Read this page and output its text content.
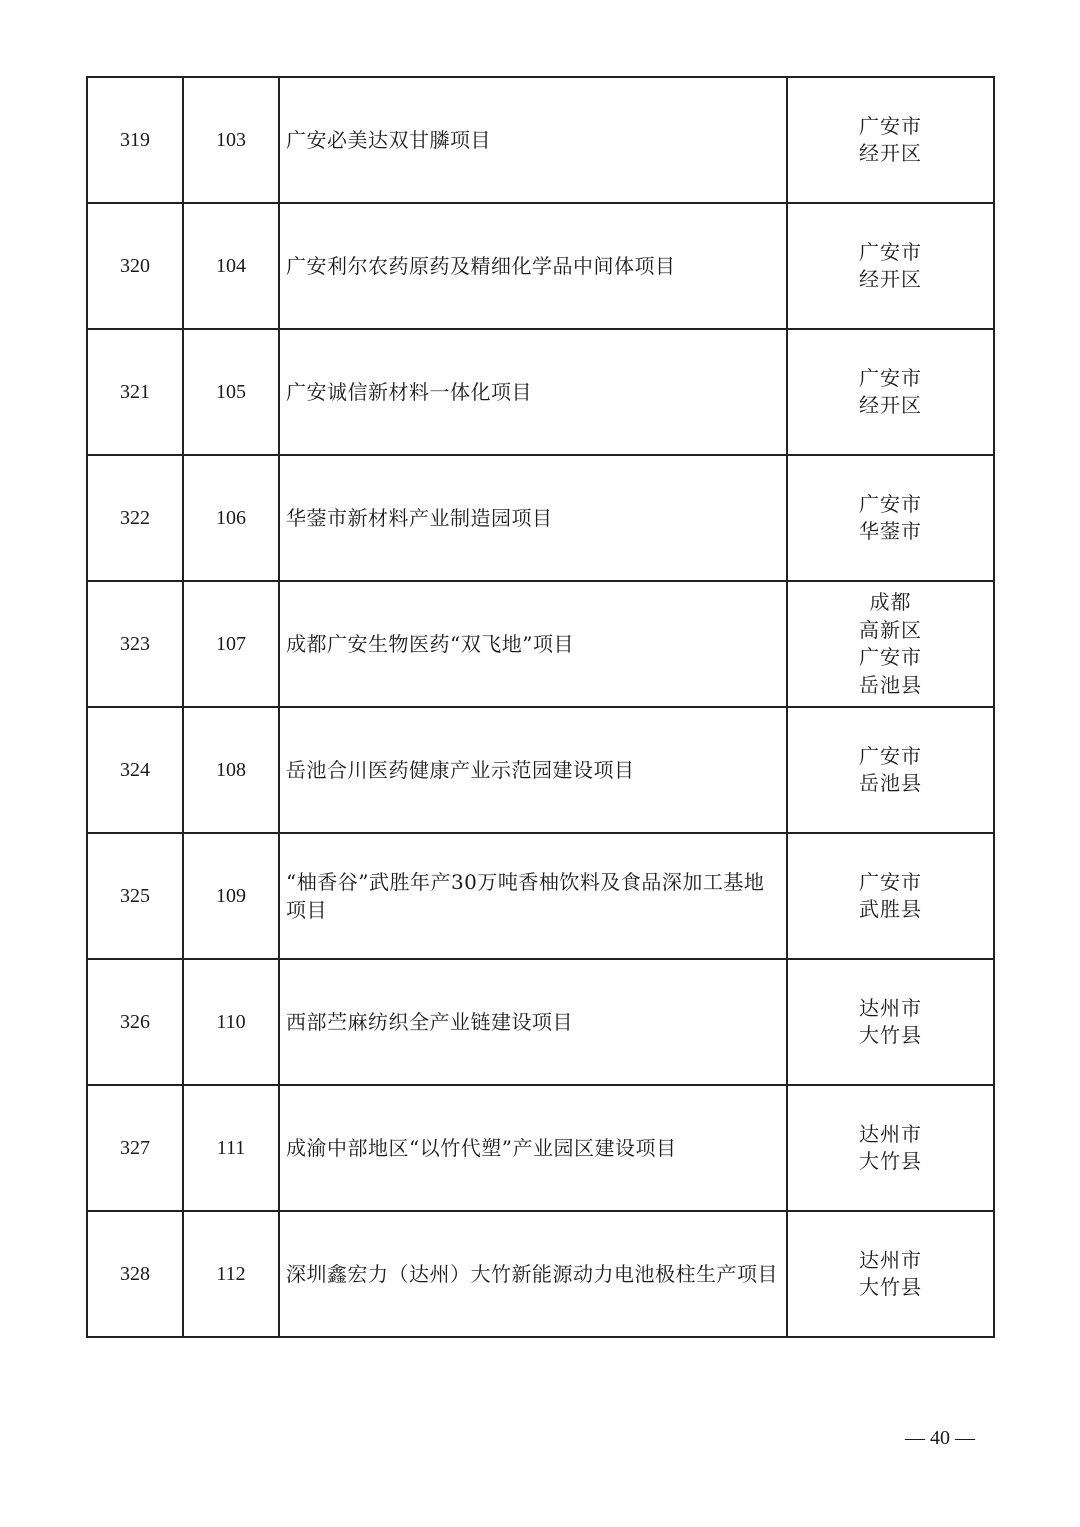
319	103	广安必美达双甘膦项目	广安市
经开区

320	104	广安利尔农药原药及精细化学品中间体项目	广安市
经开区

321	105	广安诚信新材料一体化项目	广安市
经开区

322	106	华蓥市新材料产业制造园项目	广安市
华蓥市

323	107	成都广安生物医药“双飞地”项目	成都
高新区
广安市
岳池县

324	108	岳池合川医药健康产业示范园建设项目	广安市
岳池县

325	109	“柚香谷”武胜年产30万吨香柚饮料及食品深加工基地项目	广安市
武胜县

326	110	西部苎麻纺织全产业链建设项目	达州市
大竹县

327	111	成渝中部地区“以竹代塑”产业园区建设项目	达州市
大竹县

328	112	深圳鑫宏力（达州）大竹新能源动力电池极柱生产项目	达州市
大竹县
— 40 —
